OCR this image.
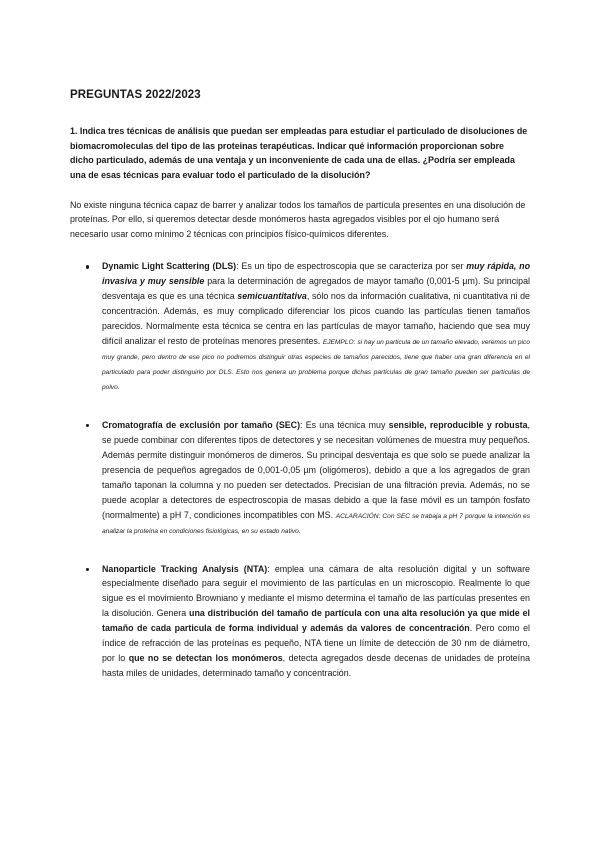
PREGUNTAS 2022/2023

1. Indica tres técnicas de análisis que puedan ser empleadas para estudiar el particulado de disoluciones de biomacromoleculas del tipo de las proteinas terapéuticas. Indicar qué información proporcionan sobre dicho particulado, además de una ventaja y un inconveniente de cada una de ellas. ¿Podría ser empleada una de esas técnicas para evaluar todo el particulado de la disolución?

No existe ninguna técnica capaz de barrer y analizar todos los tamaños de partícula presentes en una disolución de proteínas. Por ello, si queremos detectar desde monómeros hasta agregados visibles por el ojo humano será necesario usar como mínimo 2 técnicas con principios físico-químicos diferentes.

Dynamic Light Scattering (DLS): Es un tipo de espectroscopia que se caracteriza por ser muy rápida, no invasiva y muy sensible para la determinación de agregados de mayor tamaño (0,001-5 µm). Su principal desventaja es que es una técnica semicuantitativa, sólo nos da información cualitativa, ni cuantitativa ni de concentración. Además, es muy complicado diferenciar los picos cuando las partículas tienen tamaños parecidos. Normalmente esta técnica se centra en las partículas de mayor tamaño, haciendo que sea muy difícil analizar el resto de proteínas menores presentes. EJEMPLO: si hay un particula de un tamaño elevado, veremos un pico muy grande, pero dentro de ese pico no podremos distinguir otras especies de tamaños parecidos, tiene que haber una gran diferencia en el particulado para poder distinguirlo por DLS. Esto nos genera un problema porque dichas particulas de gran tamaño pueden ser particulas de polvo.

Cromatografía de exclusión por tamaño (SEC): Es una técnica muy sensible, reproducible y robusta, se puede combinar con diferentes tipos de detectores y se necesitan volúmenes de muestra muy pequeños. Además permite distinguir monómeros de dimeros. Su principal desventaja es que solo se puede analizar la presencia de pequeños agregados de 0,001-0,05 µm (oligómeros), debido a que a los agregados de gran tamaño taponan la columna y no pueden ser detectados. Precisian de una filtración previa. Además, no se puede acoplar a detectores de espectroscopia de masas debido a que la fase móvil es un tampón fosfato (normalmente) a pH 7, condiciones incompatibles con MS. ACLARACIÓN: Con SEC se trabaja a pH 7 porque la intención es analizar la proteína en condiciones fisiológicas, en su estado nativo.

Nanoparticle Tracking Analysis (NTA): emplea una cámara de alta resolución digital y un software especialmente diseñado para seguir el movimiento de las partículas en un microscopio. Realmente lo que sigue es el movimiento Browniano y mediante el mismo determina el tamaño de las partículas presentes en la disolución. Genera una distribución del tamaño de partícula con una alta resolución ya que mide el tamaño de cada particula de forma individual y además da valores de concentración. Pero como el índice de refracción de las proteínas es pequeño, NTA tiene un límite de detección de 30 nm de diámetro, por lo que no se detectan los monómeros, detecta agregados desde decenas de unidades de proteína hasta miles de unidades, determinado tamaño y concentración.
